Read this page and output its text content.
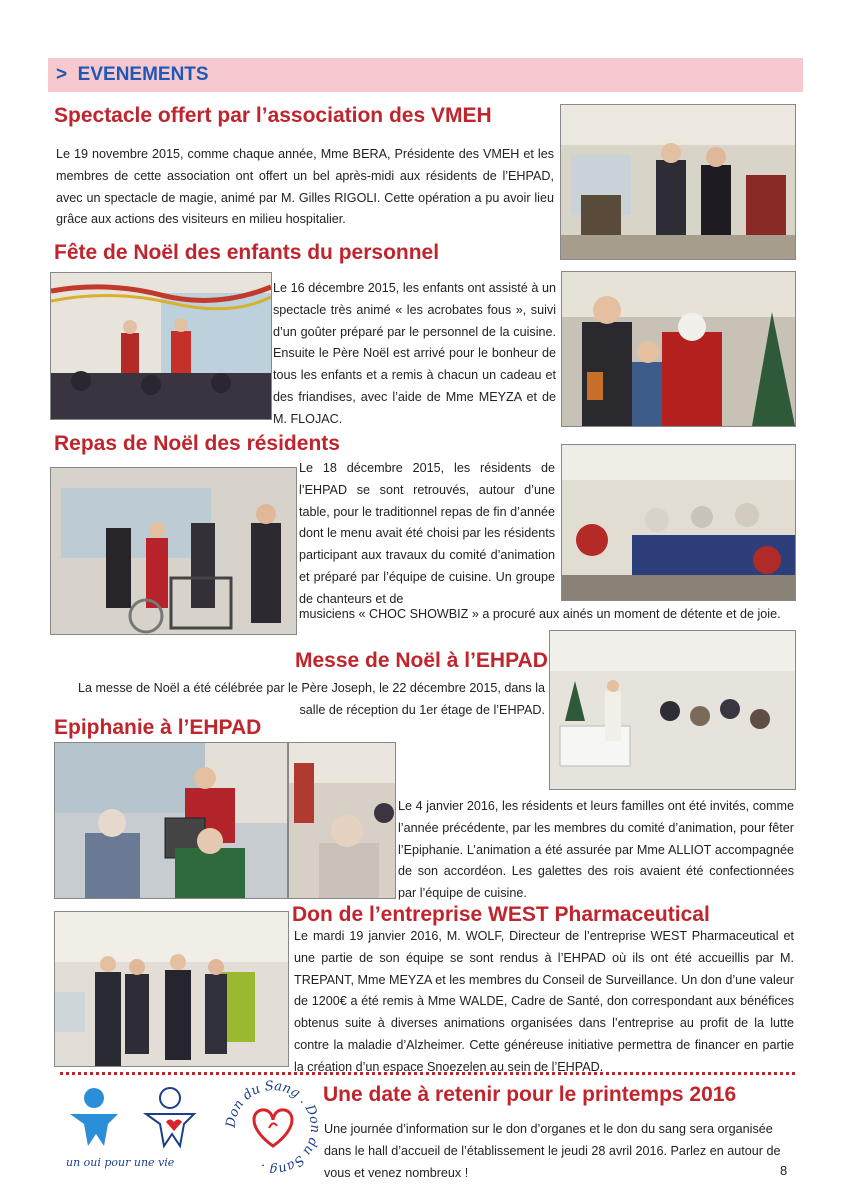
> EVENEMENTS
Spectacle offert par l’association des VMEH
Le 19 novembre 2015, comme chaque année, Mme BERA, Présidente des VMEH et les membres de cette association ont offert un bel après-midi aux résidents de l’EHPAD, avec un spectacle de magie, animé par M. Gilles RIGOLI. Cette opération a pu avoir lieu grâce aux actions des visiteurs en milieu hospitalier.
Fête de Noël des enfants du personnel
Le 16 décembre 2015, les enfants ont assisté à un spectacle très animé « les acrobates fous », suivi d’un goûter préparé par le personnel de la cuisine. Ensuite le Père Noël est arrivé pour le bonheur de tous les enfants et a remis à chacun un cadeau et des friandises, avec l’aide de Mme MEYZA et de M. FLOJAC.
Repas de Noël des résidents
Le 18 décembre 2015, les résidents de l’EHPAD se sont retrouvés, autour d’une table, pour le traditionnel repas de fin d’année dont le menu avait été choisi par les résidents participant aux travaux du comité d’animation et préparé par l’équipe de cuisine. Un groupe de chanteurs et de
musiciens « CHOC SHOWBIZ » a procuré aux ainés un moment de détente et de joie.
Messe de Noël à l’EHPAD
La messe de Noël a été célébrée par le Père Joseph, le 22 décembre 2015, dans la salle de réception du 1er étage de l’EHPAD.
Epiphanie à l’EHPAD
Le 4 janvier 2016, les résidents et leurs familles ont été invités, comme l’année précédente, par les membres du comité d’animation, pour fêter l’Epiphanie. L’animation a été assurée par Mme ALLIOT accompagnée de son accordéon. Les galettes des rois avaient été confectionnées par l’équipe de cuisine.
Don de l’entreprise WEST Pharmaceutical
Le mardi 19 janvier 2016, M. WOLF, Directeur de l’entreprise WEST Pharmaceutical et une partie de son équipe se sont rendus à l’EHPAD où ils ont été accueillis par M. TREPANT, Mme MEYZA et les membres du Conseil de Surveillance. Un don d’une valeur de 1200€ a été remis à Mme WALDE, Cadre de Santé, don correspondant aux bénéfices obtenus suite à diverses animations organisées dans l’entreprise au profit de la lutte contre la maladie d’Alzheimer. Cette généreuse initiative permettra de financer en partie la création d’un espace Snoezelen au sein de l’EHPAD.
un oui pour une vie
Don du Sang . Don du Sang .
Une date à retenir pour le printemps 2016
Une journée d’information sur le don d’organes et le don du sang sera organisée dans le hall d’accueil de l’établissement le jeudi 28 avril 2016. Parlez en autour de vous et venez nombreux !	8
